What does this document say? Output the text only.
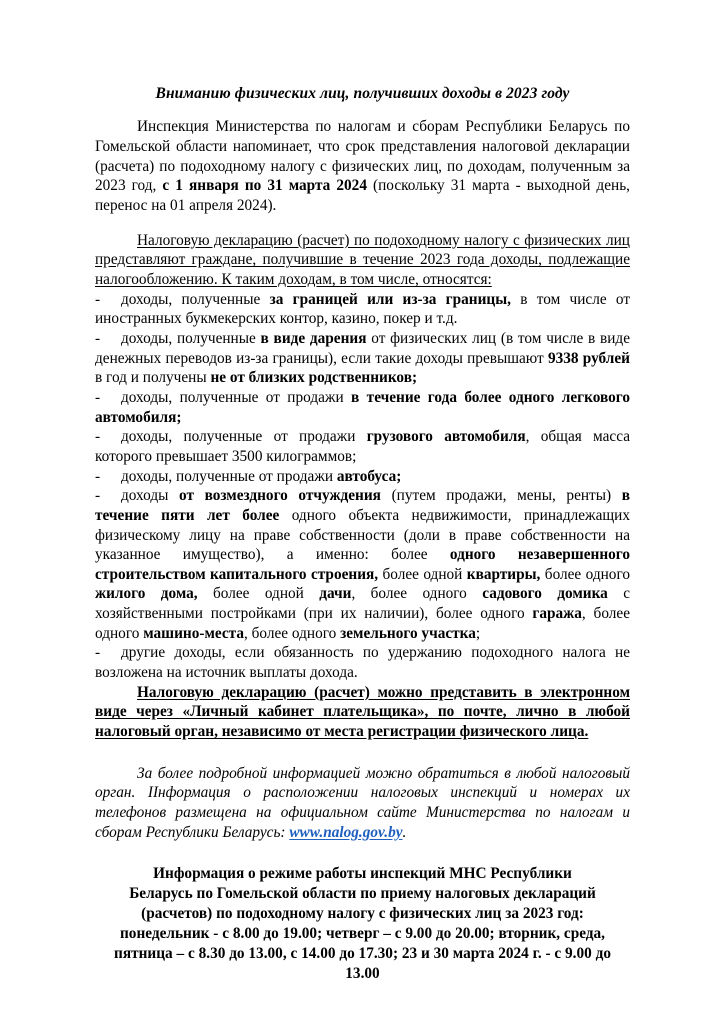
Вниманию физических лиц, получивших доходы в 2023 году

Инспекция Министерства по налогам и сборам Республики Беларусь по Гомельской области напоминает, что срок представления налоговой декларации (расчета) по подоходному налогу с физических лиц, по доходам, полученным за 2023 год, с 1 января по 31 марта 2024 (поскольку 31 марта - выходной день, перенос на 01 апреля 2024).

Налоговую декларацию (расчет) по подоходному налогу с физических лиц представляют граждане, получившие в течение 2023 года доходы, подлежащие налогообложению. К таким доходам, в том числе, относятся:

- доходы, полученные за границей или из-за границы, в том числе от иностранных букмекерских контор, казино, покер и т.д.
- доходы, полученные в виде дарения от физических лиц (в том числе в виде денежных переводов из-за границы), если такие доходы превышают 9338 рублей в год и получены не от близких родственников;
- доходы, полученные от продажи в течение года более одного легкового автомобиля;
- доходы, полученные от продажи грузового автомобиля, общая масса которого превышает 3500 килограммов;
- доходы, полученные от продажи автобуса;
- доходы от возмездного отчуждения (путем продажи, мены, ренты) в течение пяти лет более одного объекта недвижимости, принадлежащих физическому лицу на праве собственности (доли в праве собственности на указанное имущество), а именно: более одного незавершенного строительством капитального строения, более одной квартиры, более одного жилого дома, более одной дачи, более одного садового домика с хозяйственными постройками (при их наличии), более одного гаража, более одного машино-места, более одного земельного участка;
- другие доходы, если обязанность по удержанию подоходного налога не возложена на источник выплаты дохода.

Налоговую декларацию (расчет) можно представить в электронном виде через «Личный кабинет плательщика», по почте, лично в любой налоговый орган, независимо от места регистрации физического лица.

За более подробной информацией можно обратиться в любой налоговый орган. IІнформация о расположении налоговых инспекций и номерах их телефонов размещена на официальном сайте Министерства по налогам и сборам Республики Беларусь: www.nalog.gov.by.

Информация о режиме работы инспекций МНС Республики
Беларусь по Гомельской области по приему налоговых деклараций
(расчетов) по подоходному налогу с физических лиц за 2023 год:
понедельник - с 8.00 до 19.00; четверг – с 9.00 до 20.00; вторник, среда,
пятница – с 8.30 до 13.00, с 14.00 до 17.30; 23 и 30 марта 2024 г. - с 9.00 до
13.00
